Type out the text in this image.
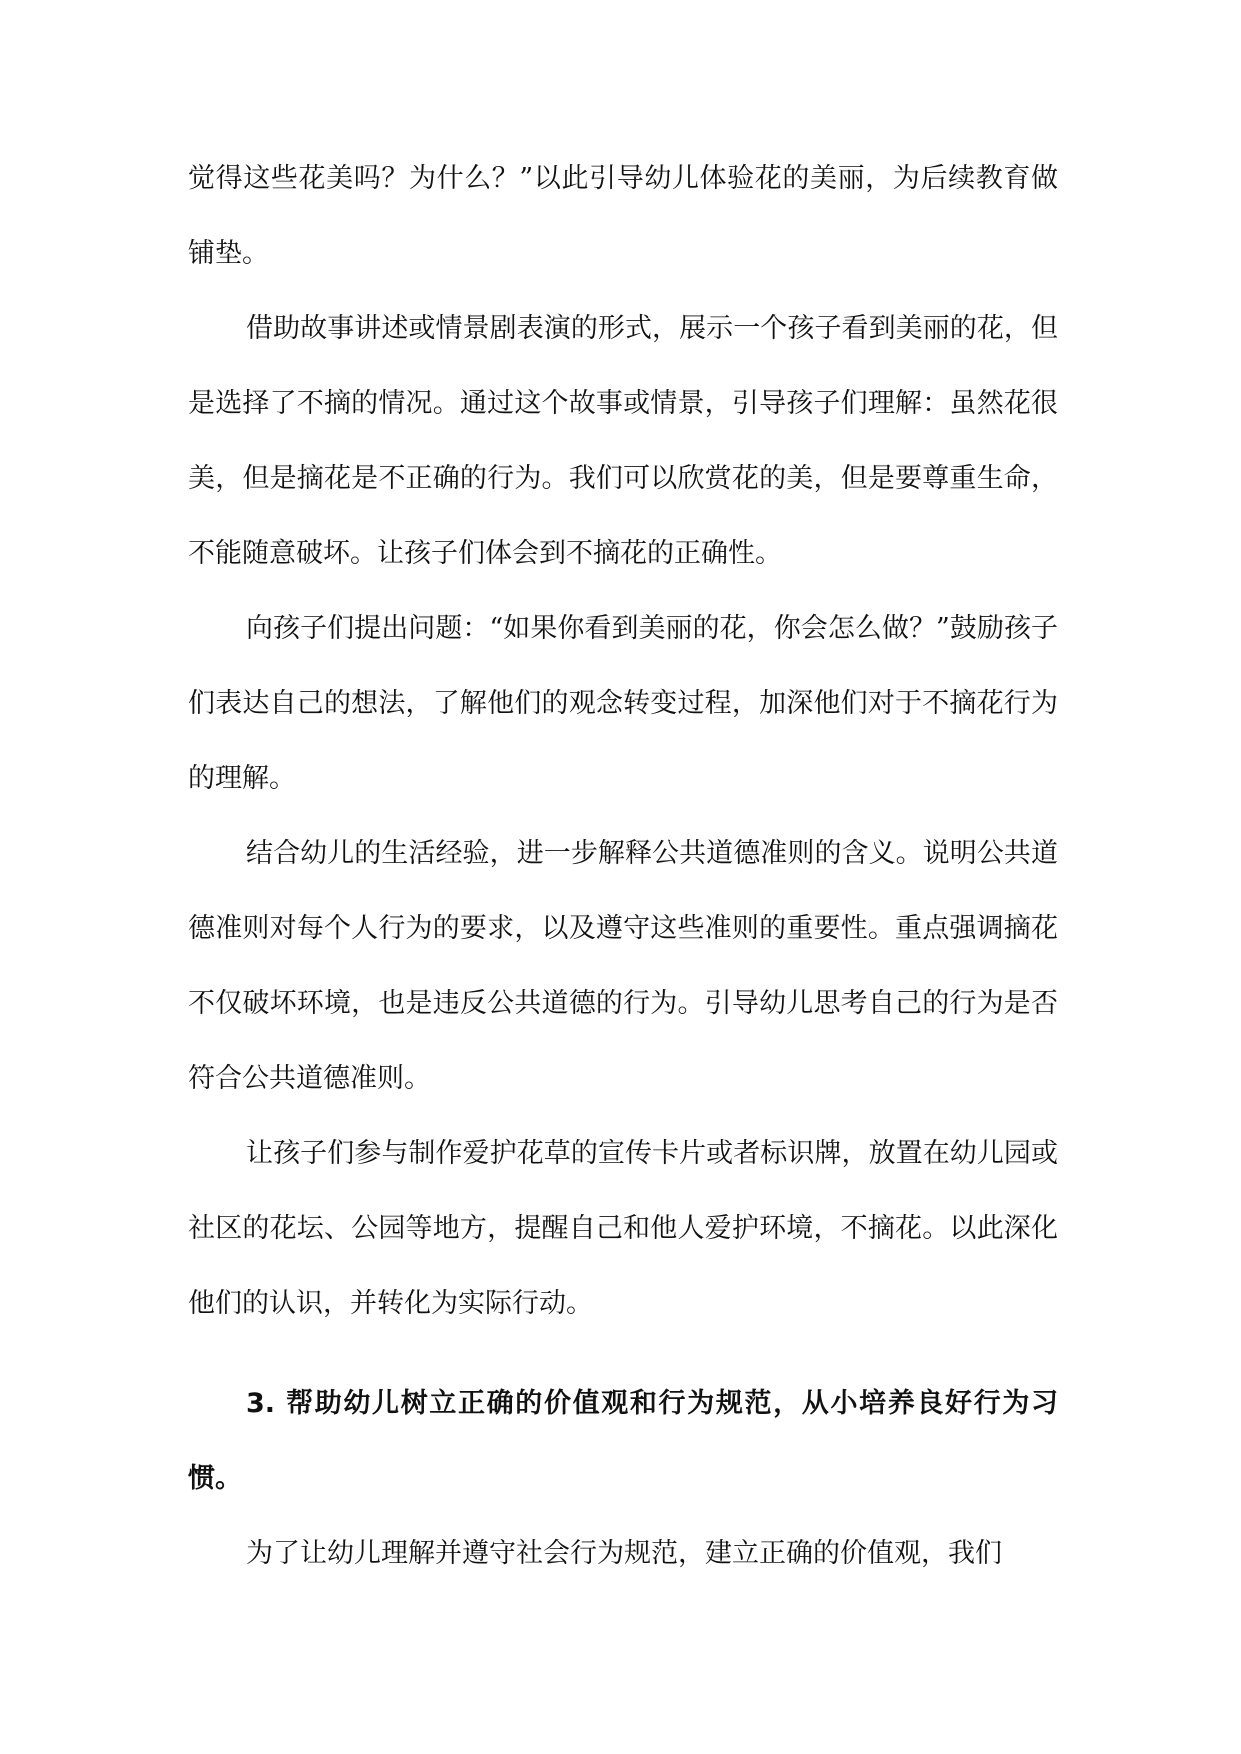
觉得这些花美吗？为什么？”以此引导幼儿体验花的美丽，为后续教育做铺垫。

借助故事讲述或情景剧表演的形式，展示一个孩子看到美丽的花，但是选择了不摘的情况。通过这个故事或情景，引导孩子们理解：虽然花很美，但是摘花是不正确的行为。我们可以欣赏花的美，但是要尊重生命，不能随意破坏。让孩子们体会到不摘花的正确性。

向孩子们提出问题：“如果你看到美丽的花，你会怎么做？”鼓励孩子们表达自己的想法，了解他们的观念转变过程，加深他们对于不摘花行为的理解。

结合幼儿的生活经验，进一步解释公共道德准则的含义。说明公共道德准则对每个人行为的要求，以及遵守这些准则的重要性。重点强调摘花不仅破坏环境，也是违反公共道德的行为。引导幼儿思考自己的行为是否符合公共道德准则。

让孩子们参与制作爱护花草的宣传卡片或者标识牌，放置在幼儿园或社区的花坛、公园等地方，提醒自己和他人爱护环境，不摘花。以此深化他们的认识，并转化为实际行动。

3. 帮助幼儿树立正确的价值观和行为规范，从小培养良好行为习惯。

为了让幼儿理解并遵守社会行为规范，建立正确的价值观，我们
